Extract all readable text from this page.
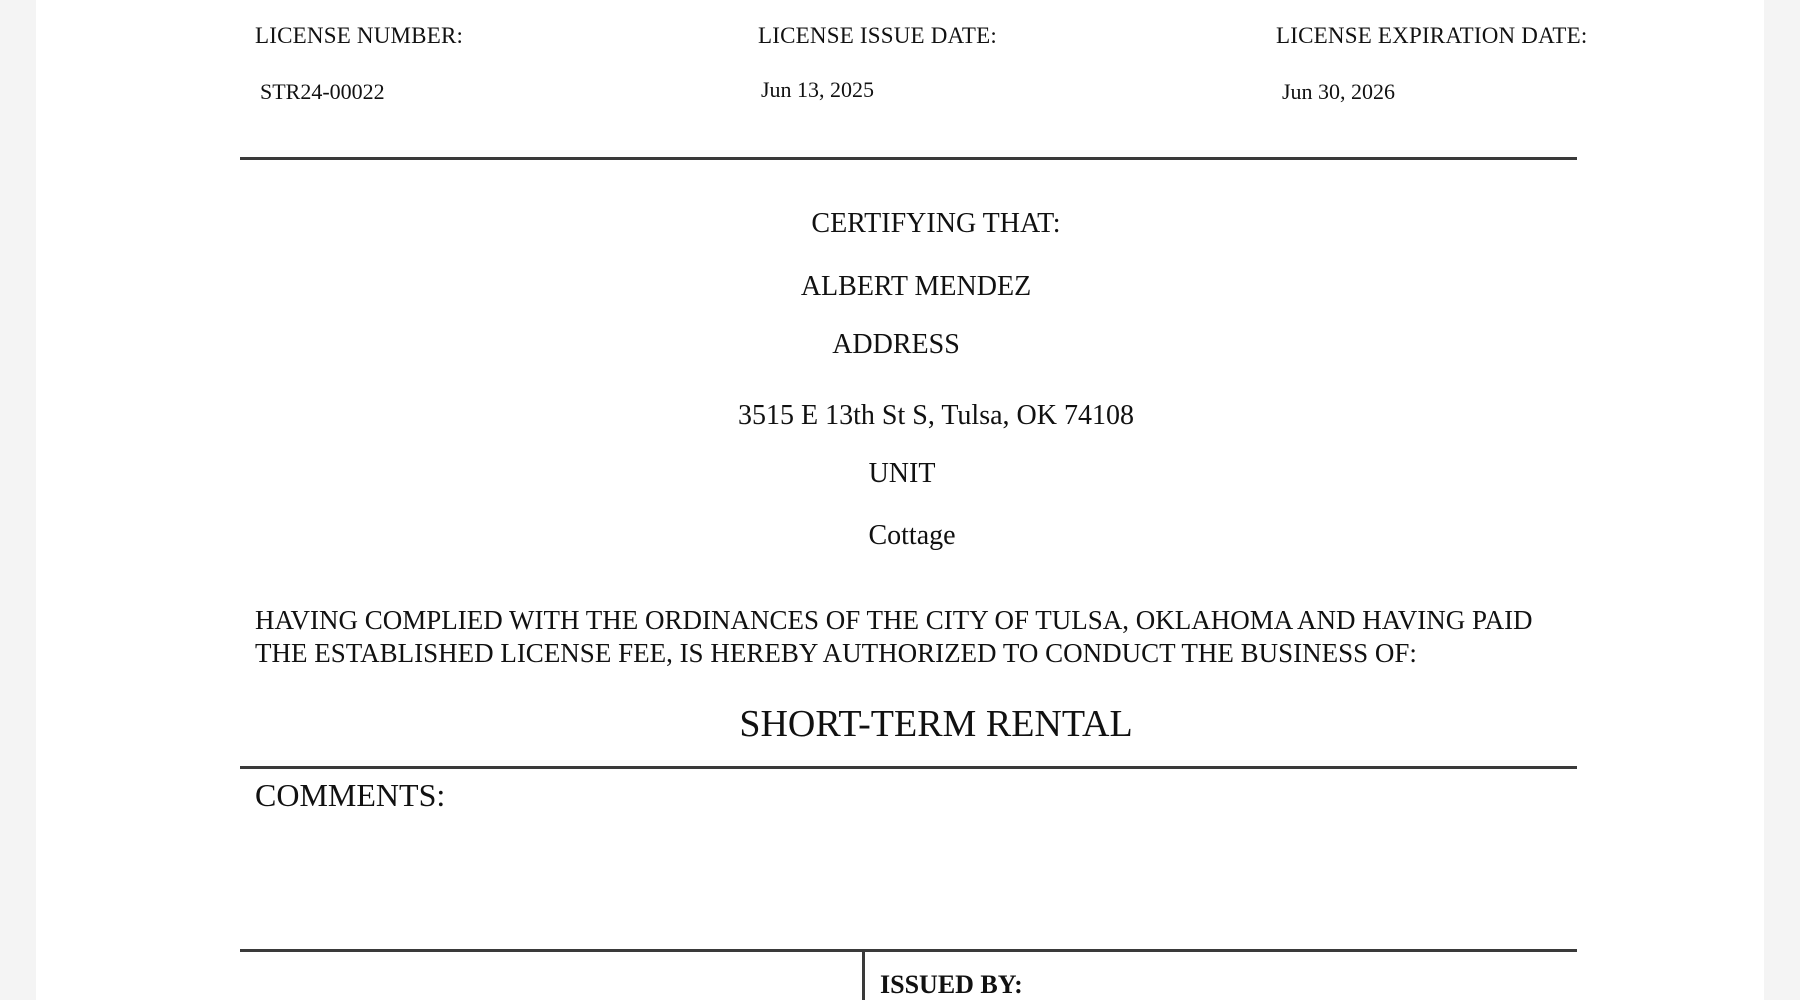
LICENSE NUMBER:
STR24-00022
LICENSE ISSUE DATE:
Jun 13, 2025
LICENSE EXPIRATION DATE:
Jun 30, 2026
CERTIFYING THAT:
ALBERT MENDEZ
ADDRESS
3515 E 13th St S, Tulsa, OK 74108
UNIT
Cottage
HAVING COMPLIED WITH THE ORDINANCES OF THE CITY OF TULSA, OKLAHOMA AND HAVING PAID THE ESTABLISHED LICENSE FEE, IS HEREBY AUTHORIZED TO CONDUCT THE BUSINESS OF:
SHORT-TERM RENTAL
COMMENTS:
ISSUED BY:
